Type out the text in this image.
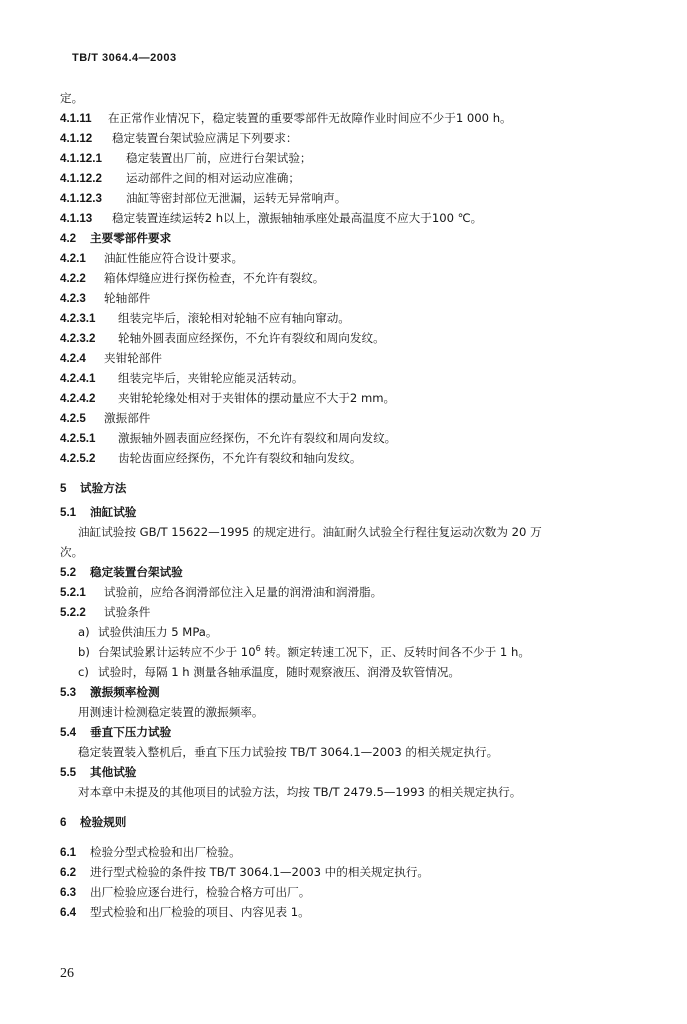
TB/T 3064.4—2003
定。
4.1.11	在正常作业情况下，稳定装置的重要零部件无故障作业时间应不少于1 000 h。
4.1.12	稳定装置台架试验应满足下列要求：
4.1.12.1	稳定装置出厂前，应进行台架试验；
4.1.12.2	运动部件之间的相对运动应准确；
4.1.12.3	油缸等密封部位无泄漏，运转无异常响声。
4.1.13	稳定装置连续运转2 h以上，激振轴轴承座处最高温度不应大于100 ℃。
4.2	主要零部件要求
4.2.1	油缸性能应符合设计要求。
4.2.2	箱体焊缝应进行探伤检查，不允许有裂纹。
4.2.3	轮轴部件
4.2.3.1	组装完毕后，滚轮相对轮轴不应有轴向窜动。
4.2.3.2	轮轴外圆表面应经探伤，不允许有裂纹和周向发纹。
4.2.4	夹钳轮部件
4.2.4.1	组装完毕后，夹钳轮应能灵活转动。
4.2.4.2	夹钳轮轮缘处相对于夹钳体的摆动量应不大于2 mm。
4.2.5	激振部件
4.2.5.1	激振轴外圆表面应经探伤，不允许有裂纹和周向发纹。
4.2.5.2	齿轮齿面应经探伤，不允许有裂纹和轴向发纹。
5	试验方法
5.1	油缸试验
油缸试验按 GB/T 15622—1995 的规定进行。油缸耐久试验全行程往复运动次数为 20 万
次。
5.2	稳定装置台架试验
5.2.1	试验前，应给各润滑部位注入足量的润滑油和润滑脂。
5.2.2	试验条件
a) 试验供油压力 5 MPa。
b) 台架试验累计运转应不少于 $10^6$ 转。额定转速工况下，正、反转时间各不少于 1 h。
c) 试验时，每隔 1 h 测量各轴承温度，随时观察液压、润滑及软管情况。
5.3	激振频率检测
用测速计检测稳定装置的激振频率。
5.4	垂直下压力试验
稳定装置装入整机后，垂直下压力试验按 TB/T 3064.1—2003 的相关规定执行。
5.5	其他试验
对本章中未提及的其他项目的试验方法，均按 TB/T 2479.5—1993 的相关规定执行。
6	检验规则
6.1	检验分型式检验和出厂检验。
6.2	进行型式检验的条件按 TB/T 3064.1—2003 中的相关规定执行。
6.3	出厂检验应逐台进行，检验合格方可出厂。
6.4	型式检验和出厂检验的项目、内容见表 1。
26
